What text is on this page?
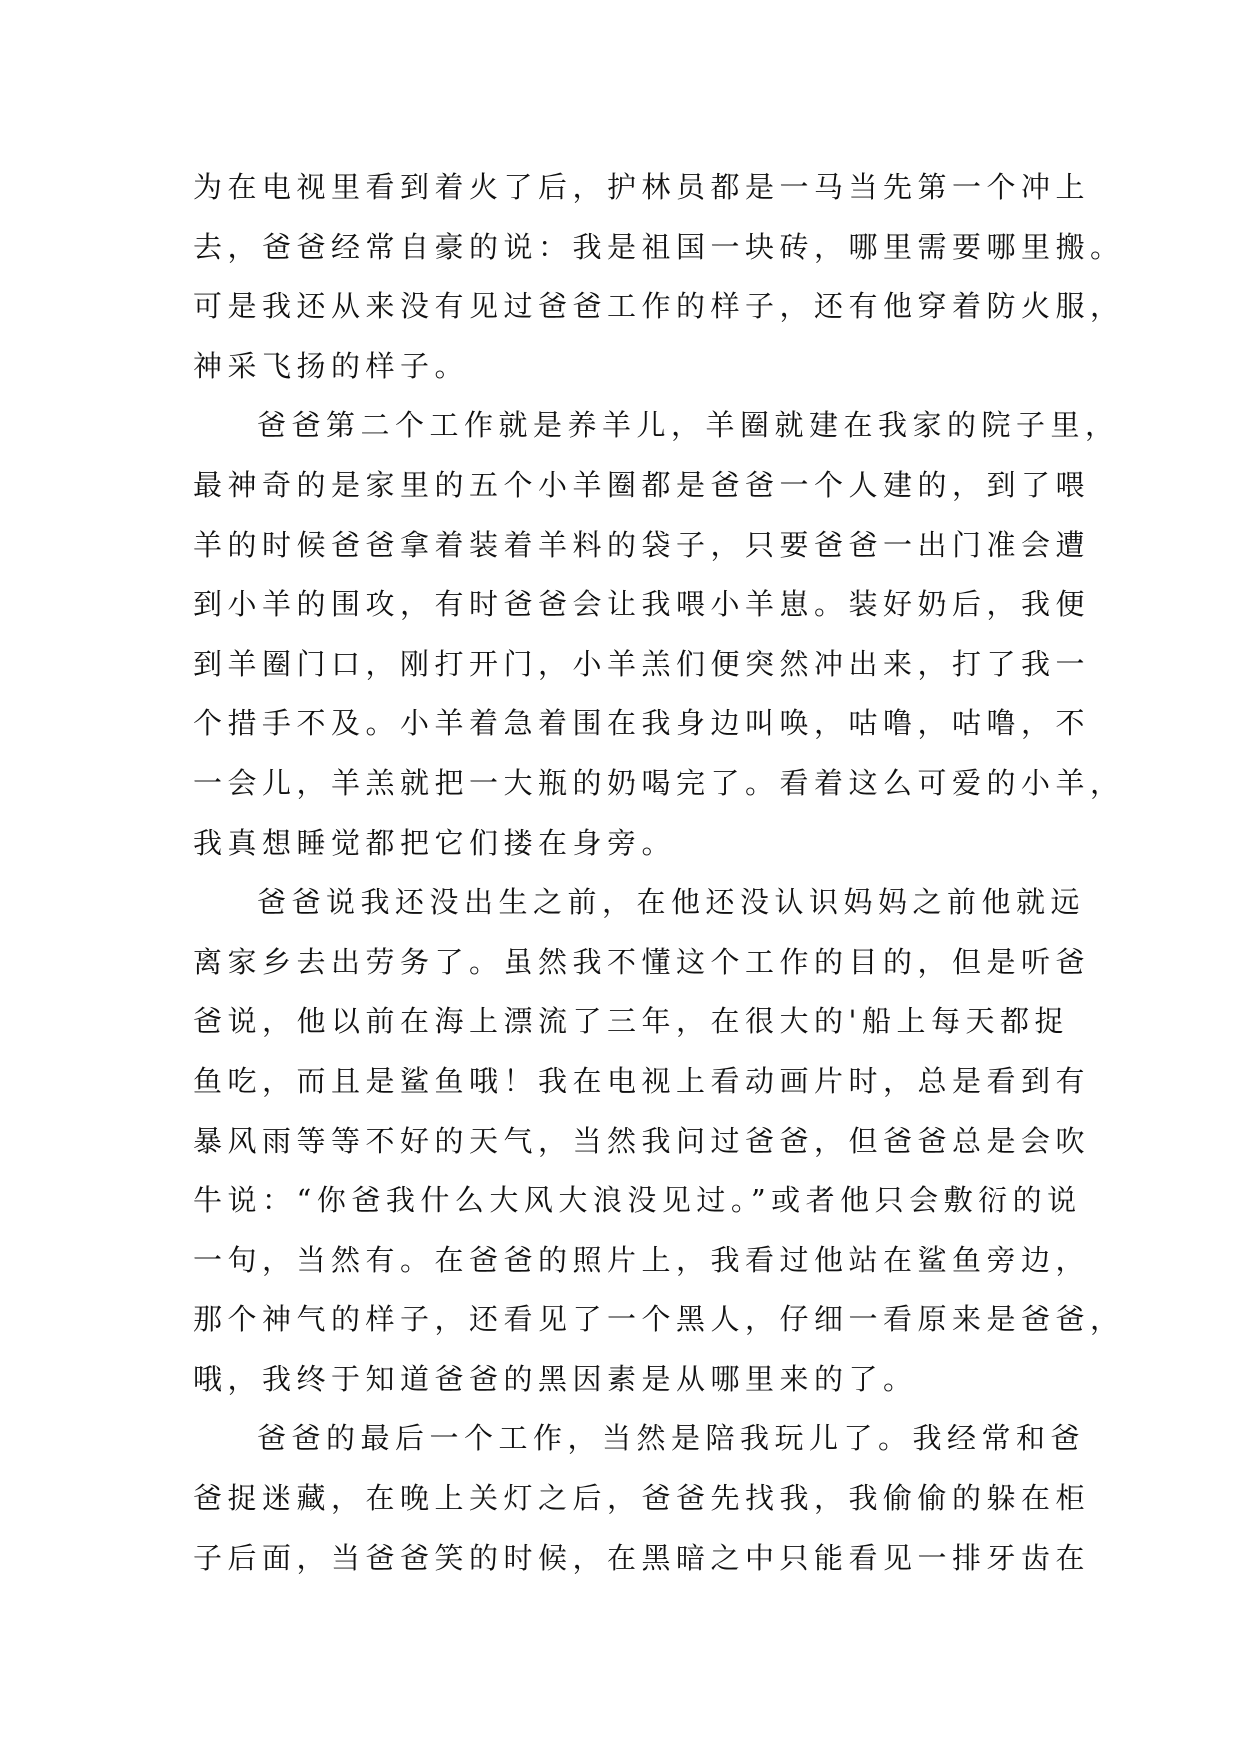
为在电视里看到着火了后，护林员都是一马当先第一个冲上
去，爸爸经常自豪的说：我是祖国一块砖，哪里需要哪里搬。
可是我还从来没有见过爸爸工作的样子，还有他穿着防火服，
神采飞扬的样子。
爸爸第二个工作就是养羊儿，羊圈就建在我家的院子里，
最神奇的是家里的五个小羊圈都是爸爸一个人建的，到了喂
羊的时候爸爸拿着装着羊料的袋子，只要爸爸一出门准会遭
到小羊的围攻，有时爸爸会让我喂小羊崽。装好奶后，我便
到羊圈门口，刚打开门，小羊羔们便突然冲出来，打了我一
个措手不及。小羊着急着围在我身边叫唤，咕噜，咕噜，不
一会儿，羊羔就把一大瓶的奶喝完了。看着这么可爱的小羊，
我真想睡觉都把它们搂在身旁。
爸爸说我还没出生之前，在他还没认识妈妈之前他就远
离家乡去出劳务了。虽然我不懂这个工作的目的，但是听爸
爸说，他以前在海上漂流了三年，在很大的'船上每天都捉
鱼吃，而且是鲨鱼哦！我在电视上看动画片时，总是看到有
暴风雨等等不好的天气，当然我问过爸爸，但爸爸总是会吹
牛说：“你爸我什么大风大浪没见过。”或者他只会敷衍的说
一句，当然有。在爸爸的照片上，我看过他站在鲨鱼旁边，
那个神气的样子，还看见了一个黑人，仔细一看原来是爸爸，
哦，我终于知道爸爸的黑因素是从哪里来的了。
爸爸的最后一个工作，当然是陪我玩儿了。我经常和爸
爸捉迷藏，在晚上关灯之后，爸爸先找我，我偷偷的躲在柜
子后面，当爸爸笑的时候，在黑暗之中只能看见一排牙齿在
